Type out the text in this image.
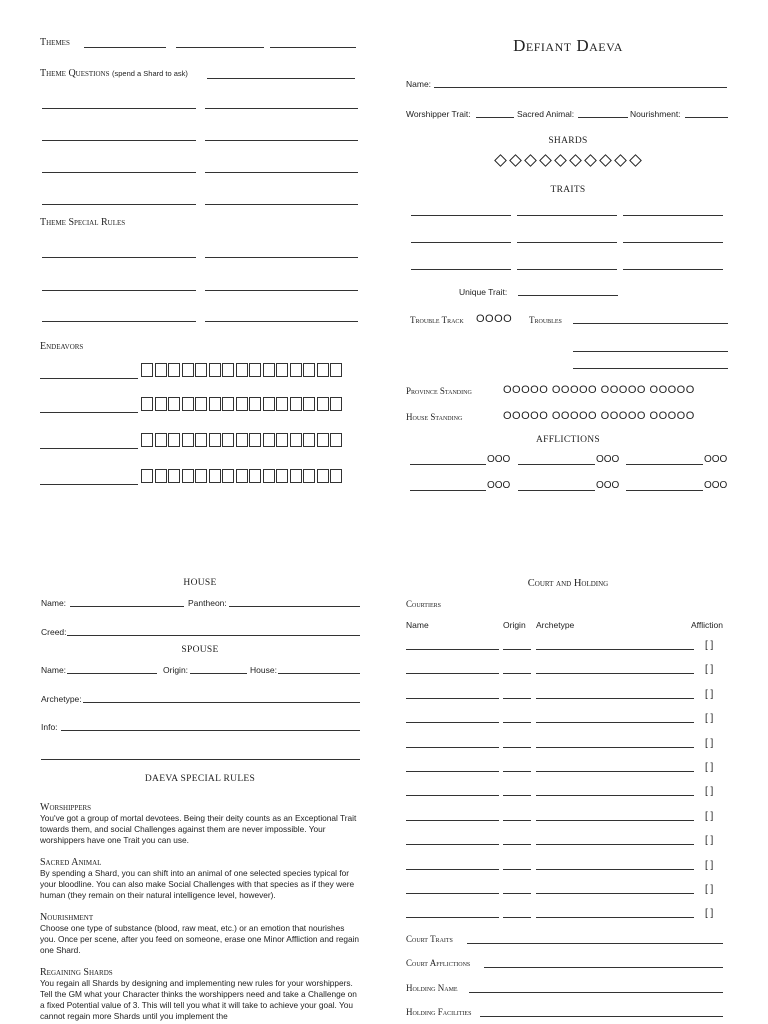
Themes
Theme Questions (spend a Shard to ask)
Theme Special Rules
Endeavors
Defiant Daeva
Name:
Worshipper Trait:	Sacred Animal:	Nourishment:
SHARDS
TRAITS
Unique Trait:
Trouble Track OOOO Troubles
Province Standing	OOOOO OOOOO OOOOO OOOOO
House Standing	OOOOO OOOOO OOOOO OOOOO
AFFLICTIONS
OOO	OOO	OOO
OOO	OOO	OOO
HOUSE
Name:	Pantheon:
Creed:
SPOUSE
Name:	Origin:	House:
Archetype:
Info:
DAEVA SPECIAL RULES
Worshippers
You've got a group of mortal devotees. Being their deity counts as an Exceptional Trait towards them, and social Challenges against them are never impossible. Your worshippers have one Trait you can use.
Sacred Animal
By spending a Shard, you can shift into an animal of one selected species typical for your bloodline. You can also make Social Challenges with that species as if they were human (they remain on their natural intelligence level, however).
Nourishment
Choose one type of substance (blood, raw meat, etc.) or an emotion that nourishes you. Once per scene, after you feed on someone, erase one Minor Affliction and regain one Shard.
Regaining Shards
You regain all Shards by designing and implementing new rules for your worshippers. Tell the GM what your Character thinks the worshippers need and take a Challenge on a fixed Potential value of 3. This will tell you what it will take to achieve your goal. You cannot regain more Shards until you implement the
Court and Holding
Courtiers
Name	Origin Archetype	Affliction
[ ]
[ ]
[ ]
[ ]
[ ]
[ ]
[ ]
[ ]
[ ]
[ ]
[ ]
[ ]
Court Traits
Court Afflictions
Holding Name
Holding Facilities
